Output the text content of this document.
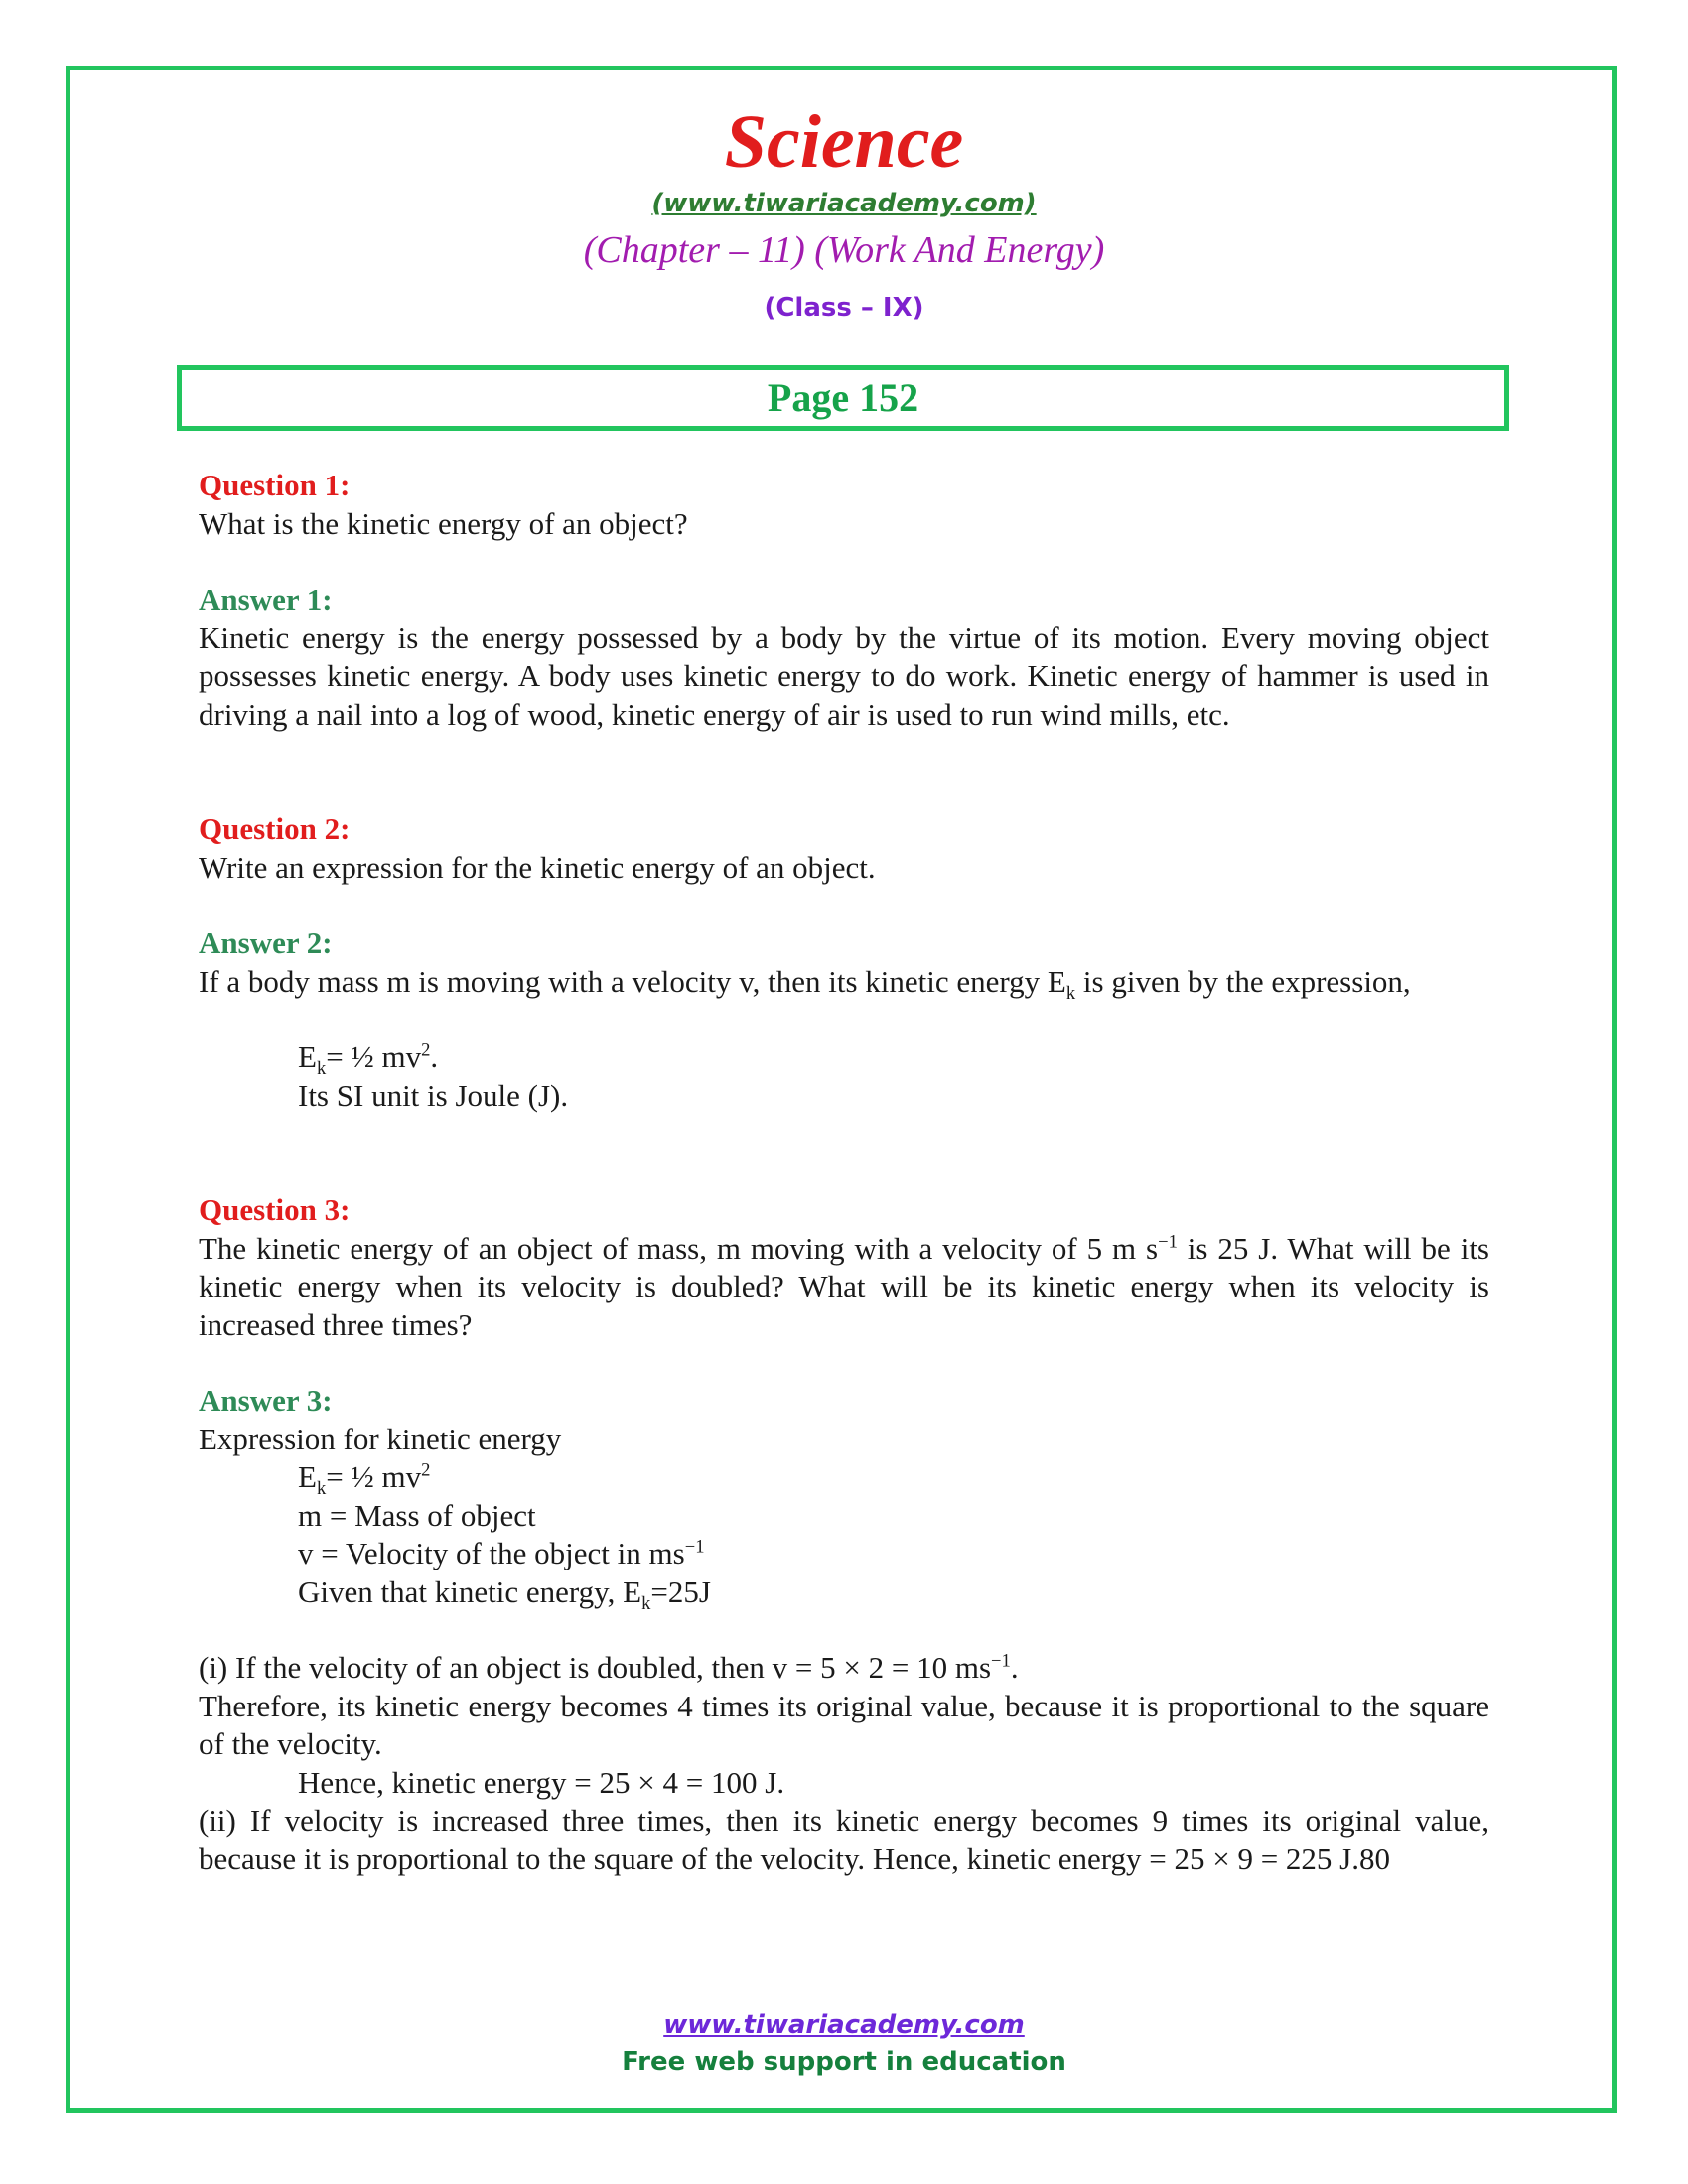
Science
(www.tiwariacademy.com)
(Chapter – 11) (Work And Energy)
(Class – IX)
Page 152

Question 1:

What is the kinetic energy of an object?

Answer 1:

Kinetic energy is the energy possessed by a body by the virtue of its motion. Every moving object possesses kinetic energy. A body uses kinetic energy to do work. Kinetic energy of hammer is used in driving a nail into a log of wood, kinetic energy of air is used to run wind mills, etc.

Question 2:

Write an expression for the kinetic energy of an object.

Answer 2:

If a body mass m is moving with a velocity v, then its kinetic energy $E_k$ is given by the expression,

$E_k=$ ½ $mv^2$.

Its SI unit is Joule (J).

Question 3:

The kinetic energy of an object of mass, m moving with a velocity of 5 m $s^{-1}$ is 25 J. What will be its kinetic energy when its velocity is doubled? What will be its kinetic energy when its velocity is increased three times?

Answer 3:

Expression for kinetic energy

$E_k=$ ½ $mv^2$

m = Mass of object

v = Velocity of the object in $ms^{-1}$

Given that kinetic energy, $E_k=25J$

(i) If the velocity of an object is doubled, then v = 5 × 2 = 10 $ms^{-1}$.

Therefore, its kinetic energy becomes 4 times its original value, because it is proportional to the square of the velocity.

Hence, kinetic energy = 25 × 4 = 100 J.

(ii) If velocity is increased three times, then its kinetic energy becomes 9 times its original value, because it is proportional to the square of the velocity. Hence, kinetic energy = 25 × 9 = 225 J.80

www.tiwariacademy.com
Free web support in education
